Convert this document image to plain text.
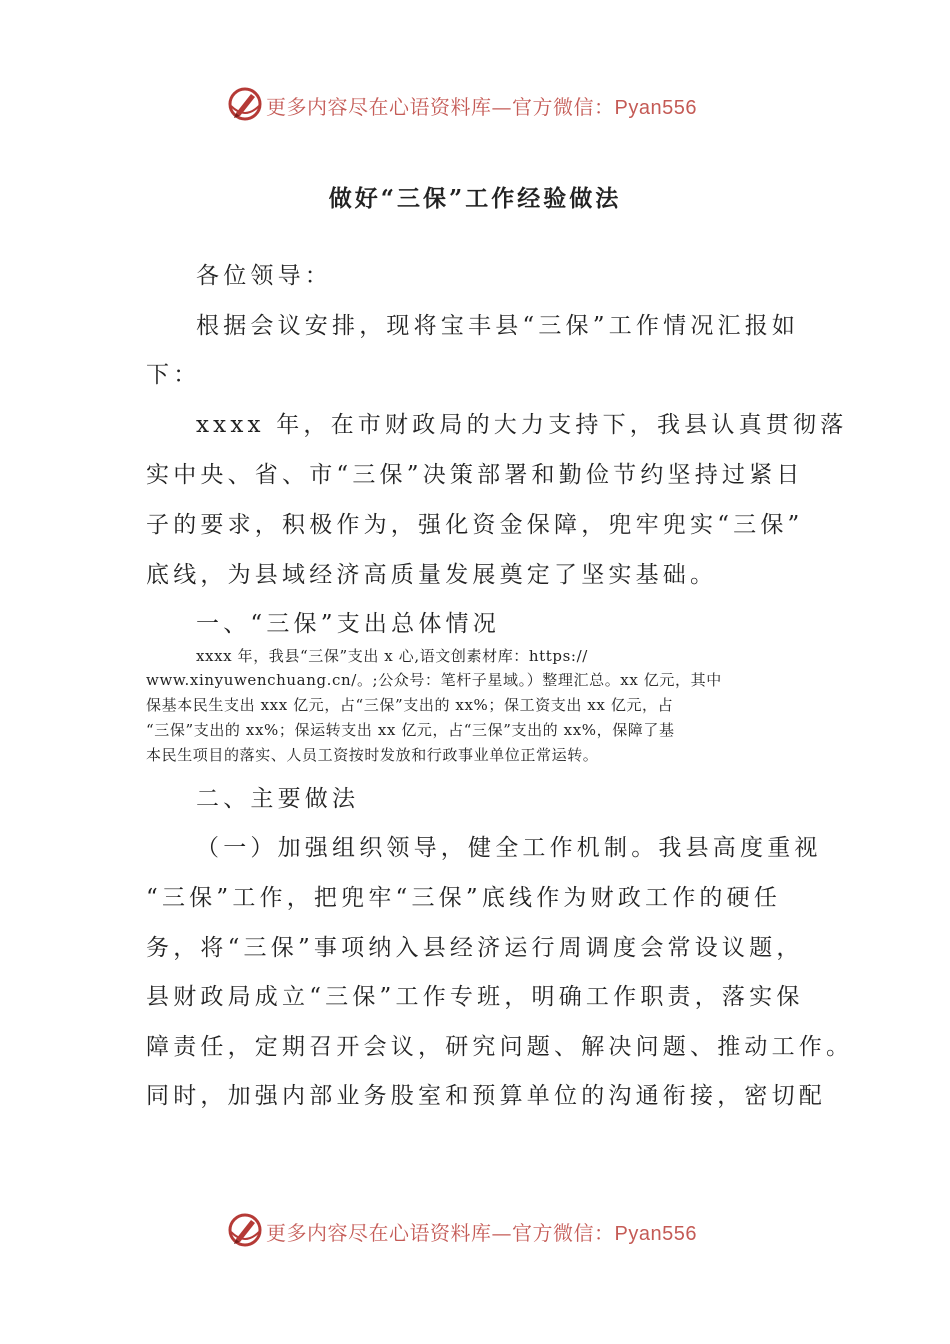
更多内容尽在心语资料库—官方微信：Pyan556
做好“三保”工作经验做法
各位领导：
根据会议安排，现将宝丰县“三保”工作情况汇报如
下：
xxxx 年，在市财政局的大力支持下，我县认真贯彻落
实中央、省、市“三保”决策部署和勤俭节约坚持过紧日
子的要求，积极作为，强化资金保障，兜牢兜实“三保”
底线，为县域经济高质量发展奠定了坚实基础。
一、“三保”支出总体情况
xxxx 年，我县“三保”支出 x 心,语文创素材库：https://
www.xinyuwenchuang.cn/。;公众号：笔杆子星域。）整理汇总。xx 亿元，其中
保基本民生支出 xxx 亿元，占“三保”支出的 xx%；保工资支出 xx 亿元，占
“三保”支出的 xx%；保运转支出 xx 亿元，占“三保”支出的 xx%，保障了基
本民生项目的落实、人员工资按时发放和行政事业单位正常运转。
二、主要做法
（一）加强组织领导，健全工作机制。我县高度重视
“三保”工作，把兜牢“三保”底线作为财政工作的硬任
务，将“三保”事项纳入县经济运行周调度会常设议题，
县财政局成立“三保”工作专班，明确工作职责，落实保
障责任，定期召开会议，研究问题、解决问题、推动工作。
同时，加强内部业务股室和预算单位的沟通衔接，密切配
更多内容尽在心语资料库—官方微信：Pyan556
